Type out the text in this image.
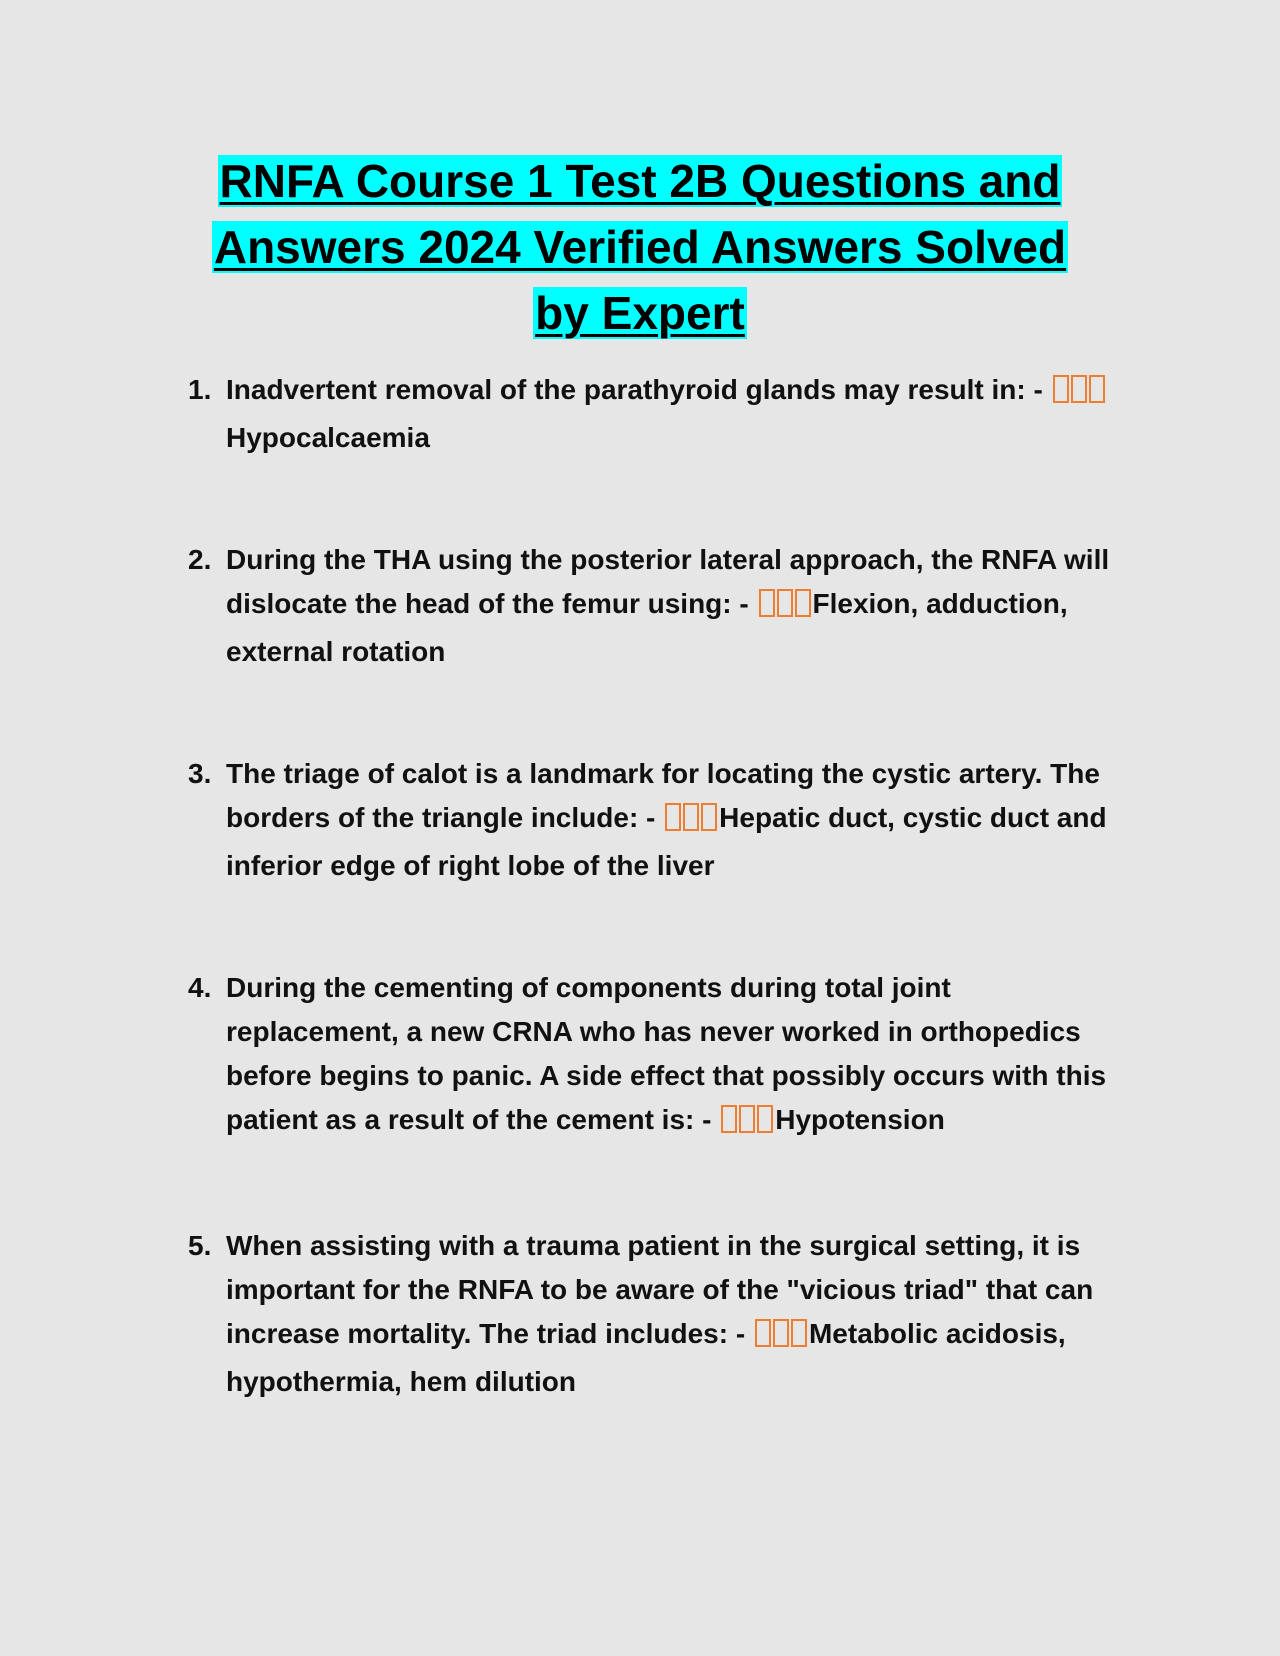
RNFA Course 1 Test 2B Questions and Answers 2024 Verified Answers Solved by Expert
1. Inadvertent removal of the parathyroid glands may result in: - Hypocalcaemia
2. During the THA using the posterior lateral approach, the RNFA will dislocate the head of the femur using: - Flexion, adduction, external rotation
3. The triage of calot is a landmark for locating the cystic artery. The borders of the triangle include: - Hepatic duct, cystic duct and inferior edge of right lobe of the liver
4. During the cementing of components during total joint replacement, a new CRNA who has never worked in orthopedics before begins to panic. A side effect that possibly occurs with this patient as a result of the cement is: - Hypotension
5. When assisting with a trauma patient in the surgical setting, it is important for the RNFA to be aware of the "vicious triad" that can increase mortality. The triad includes: - Metabolic acidosis, hypothermia, hem dilution
